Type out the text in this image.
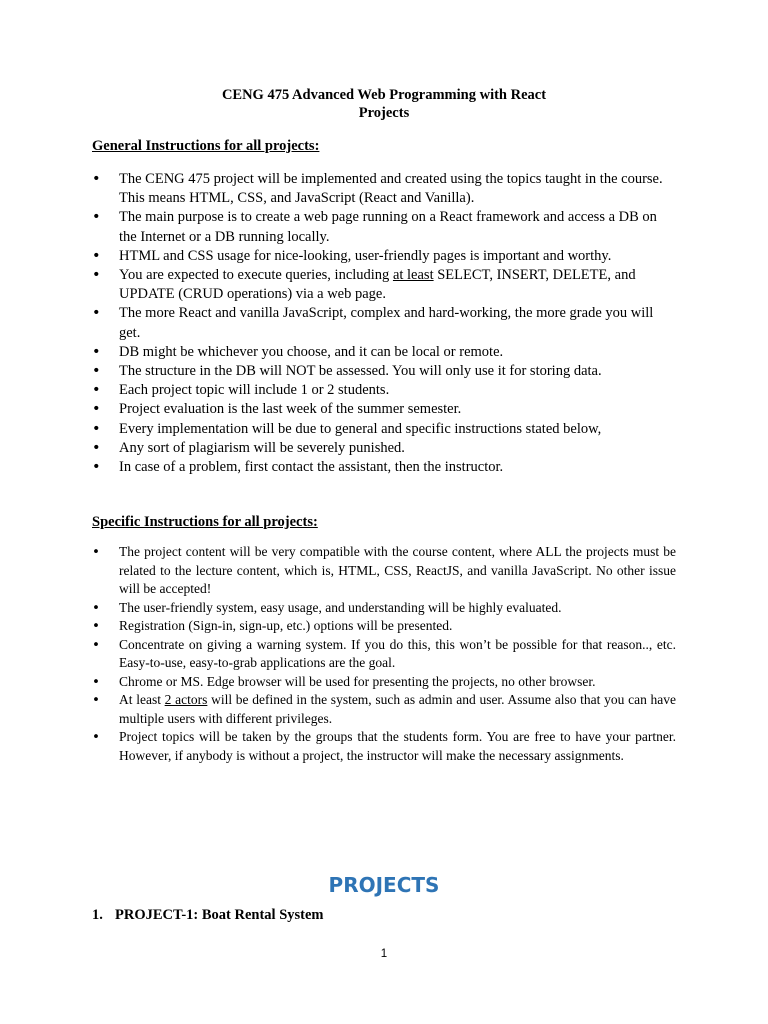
CENG 475 Advanced Web Programming with React
Projects
General Instructions for all projects:
• The CENG 475 project will be implemented and created using the topics taught in the course. This means HTML, CSS, and JavaScript (React and Vanilla).
• The main purpose is to create a web page running on a React framework and access a DB on the Internet or a DB running locally.
• HTML and CSS usage for nice-looking, user-friendly pages is important and worthy.
• You are expected to execute queries, including at least SELECT, INSERT, DELETE, and UPDATE (CRUD operations) via a web page.
• The more React and vanilla JavaScript, complex and hard-working, the more grade you will get.
• DB might be whichever you choose, and it can be local or remote.
• The structure in the DB will NOT be assessed. You will only use it for storing data.
• Each project topic will include 1 or 2 students.
• Project evaluation is the last week of the summer semester.
• Every implementation will be due to general and specific instructions stated below,
• Any sort of plagiarism will be severely punished.
• In case of a problem, first contact the assistant, then the instructor.
Specific Instructions for all projects:
• The project content will be very compatible with the course content, where ALL the projects must be related to the lecture content, which is, HTML, CSS, ReactJS, and vanilla JavaScript. No other issue will be accepted!
• The user-friendly system, easy usage, and understanding will be highly evaluated.
• Registration (Sign-in, sign-up, etc.) options will be presented.
• Concentrate on giving a warning system. If you do this, this won’t be possible for that reason.., etc. Easy-to-use, easy-to-grab applications are the goal.
• Chrome or MS. Edge browser will be used for presenting the projects, no other browser.
• At least 2 actors will be defined in the system, such as admin and user. Assume also that you can have multiple users with different privileges.
• Project topics will be taken by the groups that the students form. You are free to have your partner. However, if anybody is without a project, the instructor will make the necessary assignments.
PROJECTS
1. PROJECT-1: Boat Rental System
1
